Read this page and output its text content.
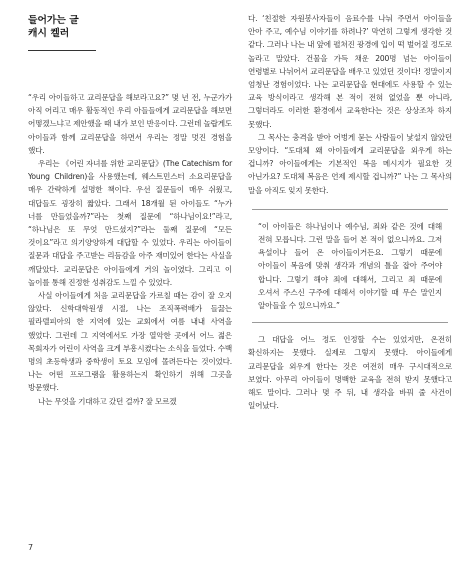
들어가는 글
캐시 켈러

“우리 아이들하고 교리문답을 해보라고요?” 몇 년 전, 누군가가 아직 어리고 매우 활동적인 우리 아들들에게 교리문답을 해보면 어떻겠느냐고 제안했을 때 내가 보인 반응이다. 그런데 놀랍게도 아이들과 함께 교리문답을 하면서 우리는 정말 멋진 경험을 했다.

우리는 《어린 자녀를 위한 교리문답》(The Catechism for Young Children)을 사용했는데, 웨스트민스터 소요리문답을 매우 간략하게 설명한 책이다. 우선 질문들이 매우 쉬웠고, 대답들도 굉장히 짧았다. 그래서 18개월 된 아이들도 “누가 너를 만들었을까?”라는 첫째 질문에 “하나님이요!”라고, “하나님은 또 무엇 만드셨지?”라는 둘째 질문에 “모든 것이요”라고 의기양양하게 대답할 수 있었다. 우리는 아이들이 질문과 대답을 주고받는 리듬감을 아주 재미있어 한다는 사실을 깨달았다. 교리문답은 아이들에게 거의 놀이였다. 그리고 이 놀이를 통해 진정한 성취감도 느낄 수 있었다.

사실 아이들에게 처음 교리문답을 가르칠 때는 감이 잘 오지 않았다. 신학대학원생 시절, 나는 조직폭력배가 들끓는 필라델피아의 한 지역에 있는 교회에서 여름 내내 사역을 했었다. 그런데 그 지역에서도 가장 열악한 곳에서 어느 젊은 목회자가 어린이 사역을 크게 부흥시켰다는 소식을 들었다. 수백 명의 초등학생과 중학생이 토요 모임에 몰려든다는 것이었다. 나는 어떤 프로그램을 활용하는지 확인하기 위해 그곳을 방문했다.

나는 무엇을 기대하고 갔던 걸까? 잘 모르겠

다. ‘친절한 자원봉사자들이 음료수를 나눠 주면서 아이들을 안아 주고, 예수님 이야기를 하려나?’ 막연히 그렇게 생각한 것 같다. 그러나 나는 내 앞에 펼쳐진 광경에 입이 떡 벌어질 정도로 놀라고 말았다. 건물을 가득 채운 200명 넘는 아이들이 연령별로 나뉘어서 교리문답을 배우고 있었던 것이다! 정말이지 엄청난 경험이었다. 나는 교리문답을 현대에도 사용할 수 있는 교육 방식이라고 생각해 본 적이 전혀 없었을 뿐 아니라, 그렇더라도 이러한 환경에서 교육한다는 것은 상상조차 하지 못했다.

그 목사는 충격을 받아 어벙게 묻는 사람들이 낯설지 않았던 모양이다. “도대체 왜 아이들에게 교리문답을 외우게 하는 겁니까? 아이들에게는 기본적인 복음 메시지가 필요한 것 아닌가요? 도대체 복음은 언제 제시할 겁니까?” 나는 그 목사의 말을 아직도 잊지 못한다.

“이 아이들은 하나님이나 예수님, 죄와 같은 것에 대해 전혀 모릅니다. 그런 말을 들어 본 적이 없으니까요. 그저 욕설이나 들어 온 아이들이거든요. 그렇기 때문에 아이들이 복음에 맞춰 생각과 개념의 틀을 잡아 주어야 합니다. 그렇기 해야 죄에 대해서, 그리고 죄 때문에 오셔서 주스신 구주에 대해서 이야기할 때 무슨 말인지 알아들을 수 있으니까요.”

그 대답을 어느 정도 인정할 수는 있었지만, 온전히 확신하지는 못했다. 실제로 그렇지 못했다. 아이들에게 교리문답을 외우게 한다는 것은 여전히 매우 구시대적으로 보였다. 아무리 아이들이 명백한 교육을 전혀 받지 못했다고 해도 말이다. 그러나 몇 주 뒤, 내 생각을 바꿔 줄 사건이 일어났다.

7
